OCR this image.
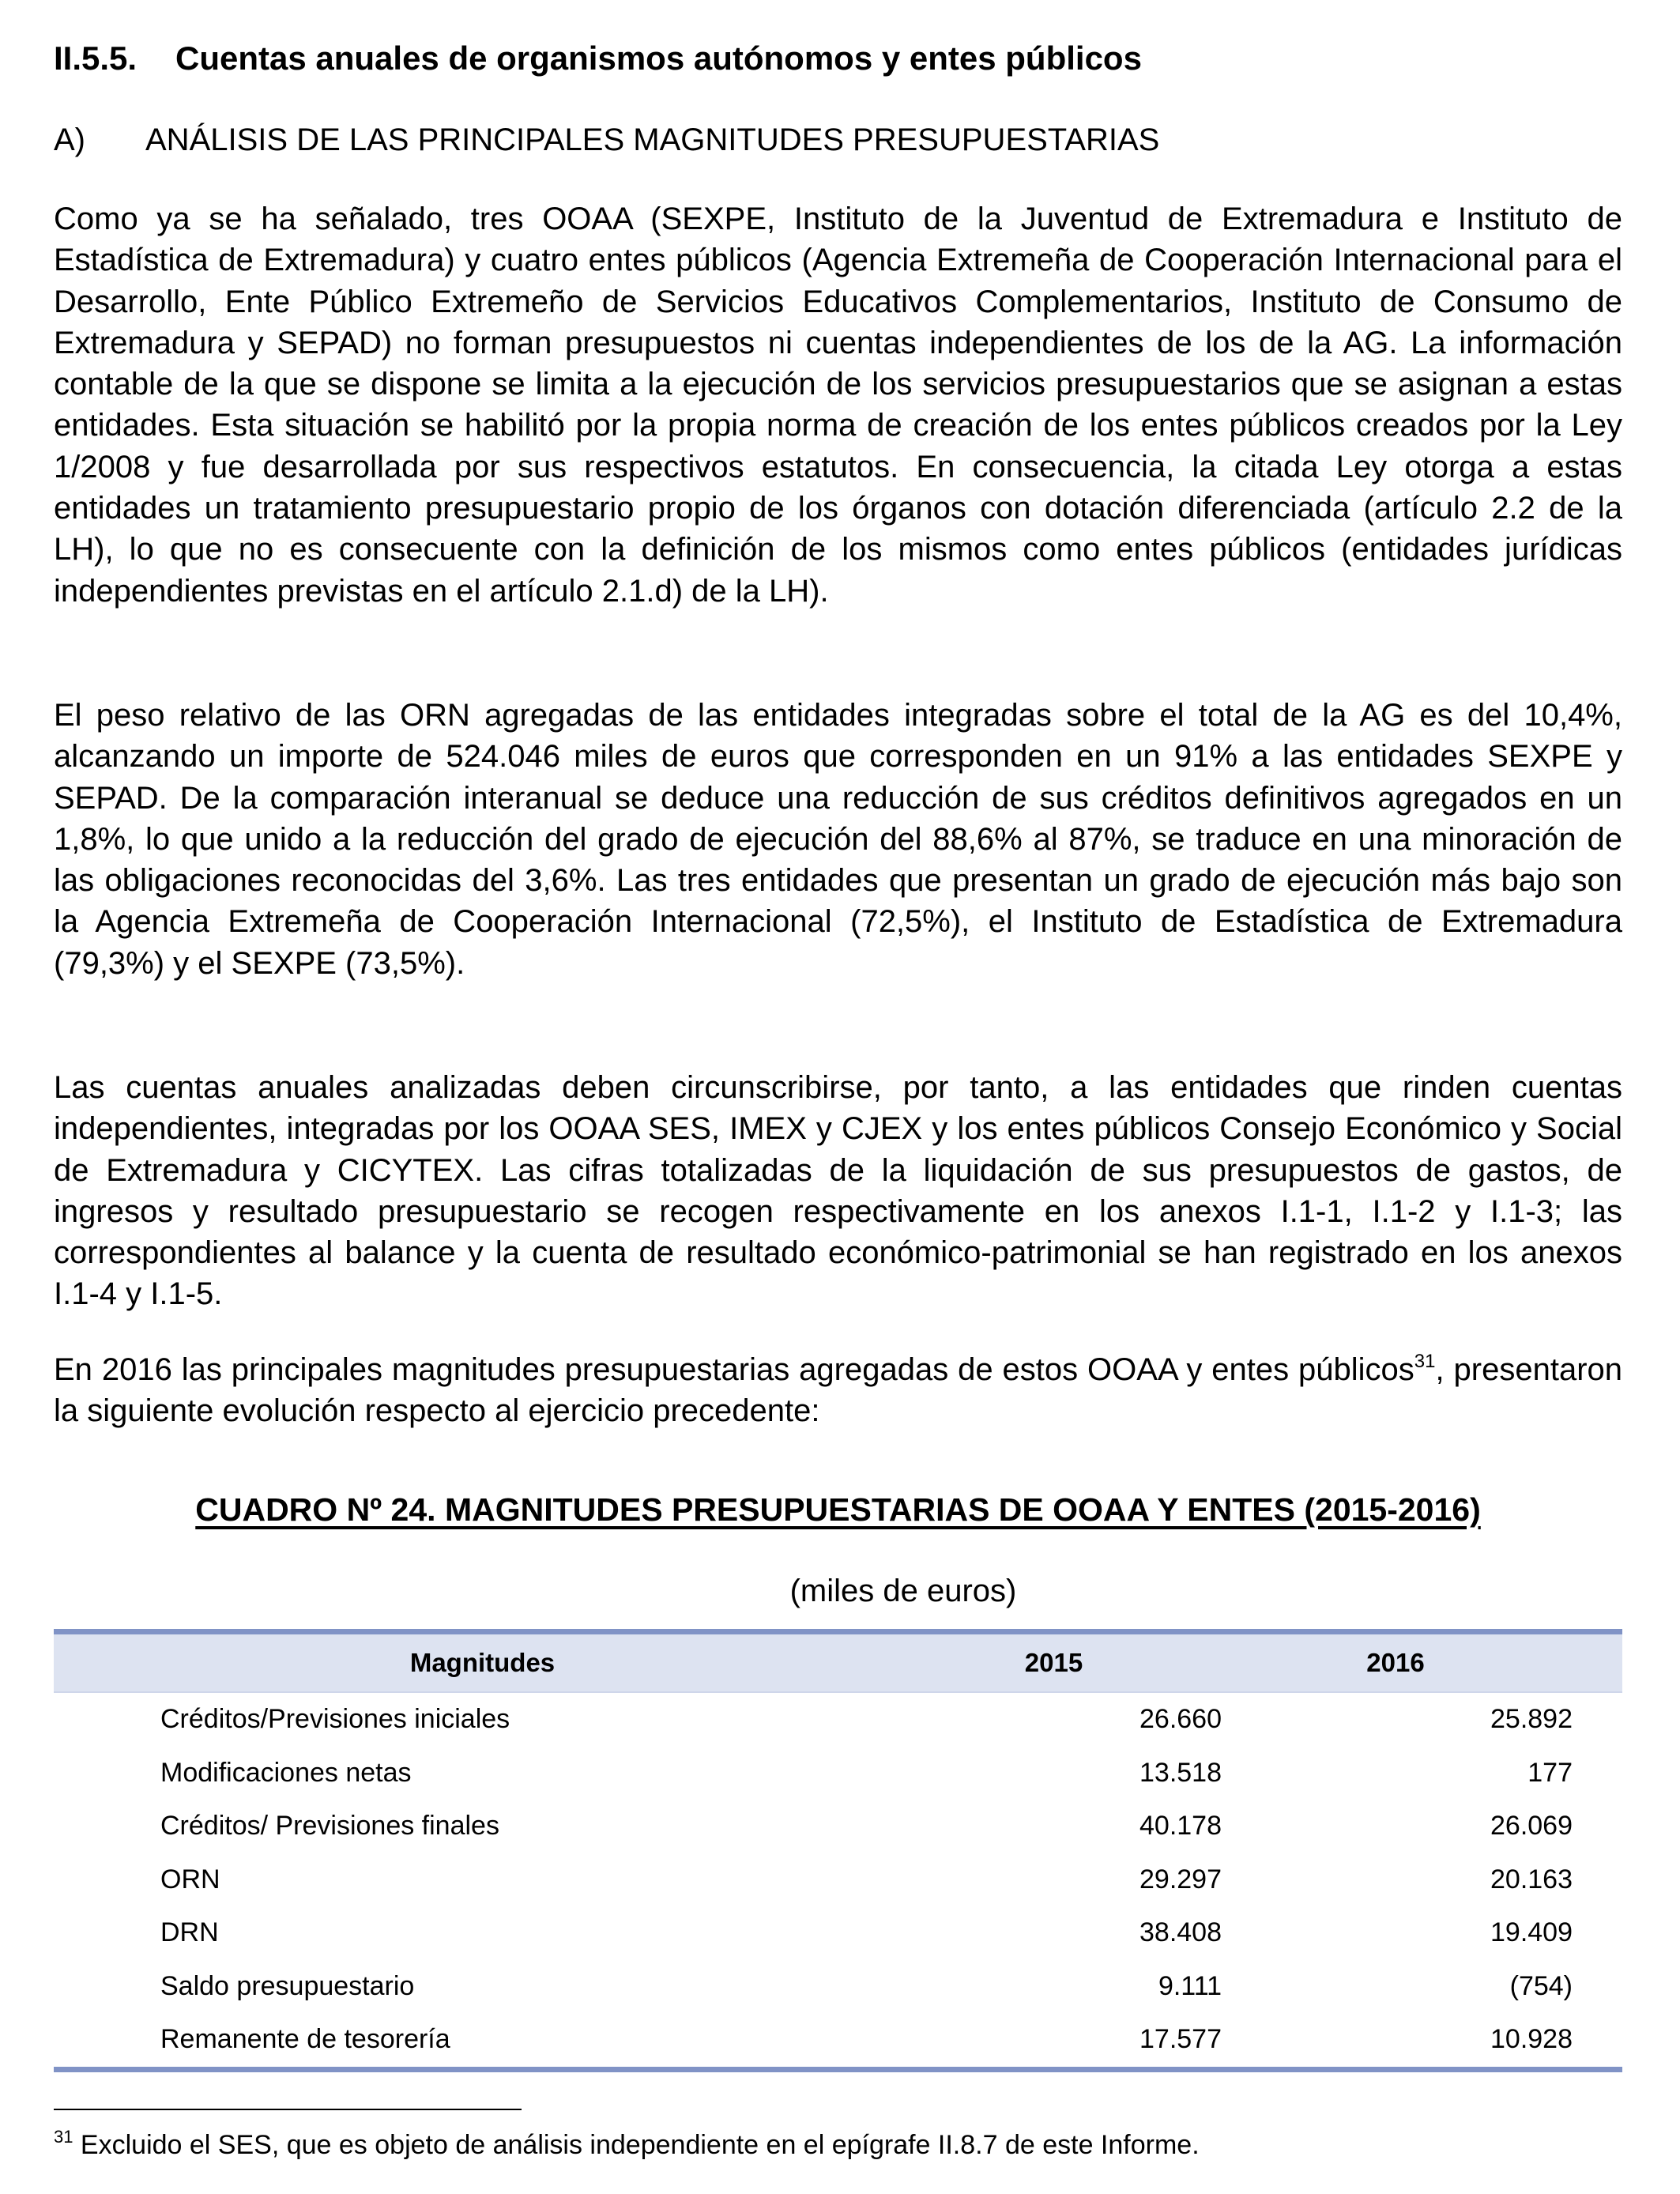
II.5.5. Cuentas anuales de organismos autónomos y entes públicos
A) ANÁLISIS DE LAS PRINCIPALES MAGNITUDES PRESUPUESTARIAS

Como ya se ha señalado, tres OOAA (SEXPE, Instituto de la Juventud de Extremadura e Instituto de Estadística de Extremadura) y cuatro entes públicos (Agencia Extremeña de Cooperación Internacional para el Desarrollo, Ente Público Extremeño de Servicios Educativos Complementarios, Instituto de Consumo de Extremadura y SEPAD) no forman presupuestos ni cuentas independientes de los de la AG. La información contable de la que se dispone se limita a la ejecución de los servicios presupuestarios que se asignan a estas entidades. Esta situación se habilitó por la propia norma de creación de los entes públicos creados por la Ley 1/2008 y fue desarrollada por sus respectivos estatutos. En consecuencia, la citada Ley otorga a estas entidades un tratamiento presupuestario propio de los órganos con dotación diferenciada (artículo 2.2 de la LH), lo que no es consecuente con la definición de los mismos como entes públicos (entidades jurídicas independientes previstas en el artículo 2.1.d) de la LH).

El peso relativo de las ORN agregadas de las entidades integradas sobre el total de la AG es del 10,4%, alcanzando un importe de 524.046 miles de euros que corresponden en un 91% a las entidades SEXPE y SEPAD. De la comparación interanual se deduce una reducción de sus créditos definitivos agregados en un 1,8%, lo que unido a la reducción del grado de ejecución del 88,6% al 87%, se traduce en una minoración de las obligaciones reconocidas del 3,6%. Las tres entidades que presentan un grado de ejecución más bajo son la Agencia Extremeña de Cooperación Internacional (72,5%), el Instituto de Estadística de Extremadura (79,3%) y el SEXPE (73,5%).

Las cuentas anuales analizadas deben circunscribirse, por tanto, a las entidades que rinden cuentas independientes, integradas por los OOAA SES, IMEX y CJEX y los entes públicos Consejo Económico y Social de Extremadura y CICYTEX. Las cifras totalizadas de la liquidación de sus presupuestos de gastos, de ingresos y resultado presupuestario se recogen respectivamente en los anexos I.1-1, I.1-2 y I.1-3; las correspondientes al balance y la cuenta de resultado económico-patrimonial se han registrado en los anexos I.1-4 y I.1-5.

En 2016 las principales magnitudes presupuestarias agregadas de estos OOAA y entes públicos$^{31}$, presentaron la siguiente evolución respecto al ejercicio precedente:

CUADRO Nº 24. MAGNITUDES PRESUPUESTARIAS DE OOAA Y ENTES (2015-2016)
(miles de euros)
Magnitudes	2015	2016
Créditos/Previsiones iniciales	26.660	25.892
Modificaciones netas	13.518	177
Créditos/ Previsiones finales	40.178	26.069
ORN	29.297	20.163
DRN	38.408	19.409
Saldo presupuestario	9.111	(754)
Remanente de tesorería	17.577	10.928
$^{31}$ Excluido el SES, que es objeto de análisis independiente en el epígrafe II.8.7 de este Informe.
